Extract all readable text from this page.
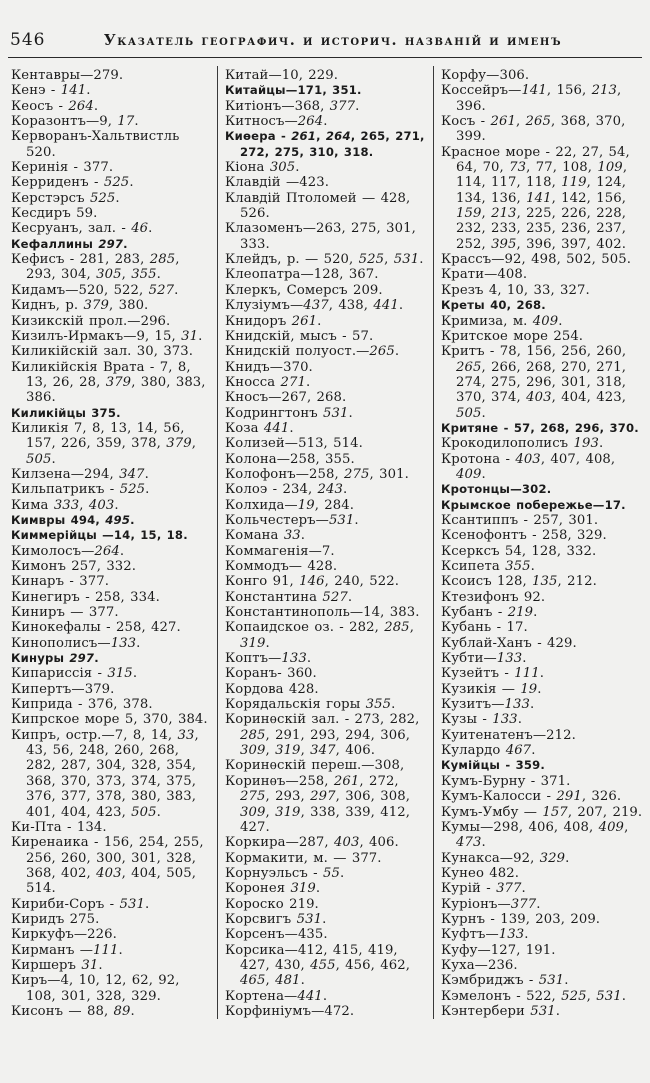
546	Указатель географич. и историч. названій и именъ
Кентавры—279.
Кенэ - 141.
Кеосъ - 264.
Коразонтъ—9, 17.
Керворанъ-Хальтвистль 520.
Керинія - 377.
Керриденъ - 525.
Керстэрсъ 525.
Кесдиръ 59.
Кесруанъ, зал. - 46.
Кефаллины 297.
Кефисъ - 281, 283, 285, 293, 304, 305, 355.
Кидамъ—520, 522, 527.
Киднъ, р. 379, 380.
Кизикскій прол.—296.
Кизилъ-Ирмакъ—9, 15, 31.
Киликійскій зал. 30, 373.
Киликійскія Врата - 7, 8, 13, 26, 28, 379, 380, 383, 386.
Киликійцы 375.
Киликія 7, 8, 13, 14, 56, 157, 226, 359, 378, 379, 505.
Килзена—294, 347.
Кильпатрикъ - 525.
Кима 333, 403.
Кимвры 494, 495.
Киммерійцы —14, 15, 18.
Кимолосъ—264.
Кимонъ 257, 332.
Кинаръ - 377.
Кинегиръ - 258, 334.
Киниръ — 377.
Кинокефалы - 258, 427.
Кинополисъ—133.
Кинуры 297.
Кипариссія - 315.
Кипертъ—379.
Киприда - 376, 378.
Кипрское море 5, 370, 384.
Кипръ, остр.—7, 8, 14, 33, 43, 56, 248, 260, 268, 282, 287, 304, 328, 354, 368, 370, 373, 374, 375, 376, 377, 378, 380, 383, 401, 404, 423, 505.
Ки-Пта - 134.
Киренаика - 156, 254, 255, 256, 260, 300, 301, 328, 368, 402, 403, 404, 505, 514.
Кириби-Соръ - 531.
Киридъ 275.
Киркуфъ—226.
Кирманъ —111.
Киршеръ 31.
Киръ—4, 10, 12, 62, 92, 108, 301, 328, 329.
Кисонъ — 88, 89.
Китай—10, 229.
Китайцы—171, 351.
Китіонъ—368, 377.
Китносъ—264.
Киѳера - 261, 264, 265, 271, 272, 275, 310, 318.
Кіона 305.
Клавдій —423.
Клавдій Птоломей — 428, 526.
Клазоменъ—263, 275, 301, 333.
Клейдъ, р. — 520, 525, 531.
Клеопатра—128, 367.
Клеркъ, Сомерсъ 209.
Клузіумъ—437, 438, 441.
Книдоръ 261.
Книдскій, мысъ - 57.
Книдскій полуост.—265.
Книдъ—370.
Кносса 271.
Кносъ—267, 268.
Кодрингтонъ 531.
Коза 441.
Колизей—513, 514.
Колона—258, 355.
Колофонъ—258, 275, 301.
Колоэ - 234, 243.
Колхида—19, 284.
Кольчестеръ—531.
Комана 33.
Коммагенія—7.
Коммодъ— 428.
Конго 91, 146, 240, 522.
Константина 527.
Константинополь—14, 383.
Копаидское оз. - 282, 285, 319.
Коптъ—133.
Коранъ- 360.
Кордова 428.
Корядальскія горы 355.
Коринѳскій зал. - 273, 282, 285, 291, 293, 294, 306, 309, 319, 347, 406.
Коринѳскій переш.—308,
Коринѳъ—258, 261, 272, 275, 293, 297, 306, 308, 309, 319, 338, 339, 412, 427.
Коркира—287, 403, 406.
Кормакити, м. — 377.
Корнуэльсъ - 55.
Коронея 319.
Короско 219.
Корсвигъ 531.
Корсенъ—435.
Корсика—412, 415, 419, 427, 430, 455, 456, 462, 465, 481.
Кортена—441.
Корфиніумъ—472.
Корфу—306.
Коссейръ—141, 156, 213, 396.
Косъ - 261, 265, 368, 370, 399.
Красное море - 22, 27, 54, 64, 70, 73, 77, 108, 109, 114, 117, 118, 119, 124, 134, 136, 141, 142, 156, 159, 213, 225, 226, 228, 232, 233, 235, 236, 237, 252, 395, 396, 397, 402.
Крассъ—92, 498, 502, 505.
Крати—408.
Крезъ 4, 10, 33, 327.
Креты 40, 268.
Кримиза, м. 409.
Критское море 254.
Критъ - 78, 156, 256, 260, 265, 266, 268, 270, 271, 274, 275, 296, 301, 318, 370, 374, 403, 404, 423, 505.
Критяне - 57, 268, 296, 370.
Крокодилополисъ 193.
Кротона - 403, 407, 408, 409.
Кротонцы—302.
Крымское побережье—17.
Ксантиппъ - 257, 301.
Ксенофонтъ - 258, 329.
Ксерксъ 54, 128, 332.
Ксипета 355.
Ксоисъ 128, 135, 212.
Ктезифонъ 92.
Кубанъ - 219.
Кубань - 17.
Кублай-Ханъ - 429.
Кубти—133.
Кузейтъ - 111.
Кузикія — 19.
Кузитъ—133.
Кузы - 133.
Куитенатенъ—212.
Кулардо 467.
Кумійцы - 359.
Кумъ-Бурну - 371.
Кумъ-Калосси - 291, 326.
Кумъ-Умбу — 157, 207, 219.
Кумы—298, 406, 408, 409, 473.
Кунакса—92, 329.
Кунео 482.
Курій - 377.
Куріонъ—377.
Курнъ - 139, 203, 209.
Куфтъ—133.
Куфу—127, 191.
Куха—236.
Кэмбриджъ - 531.
Кэмелонъ - 522, 525, 531.
Кэнтербери 531.
